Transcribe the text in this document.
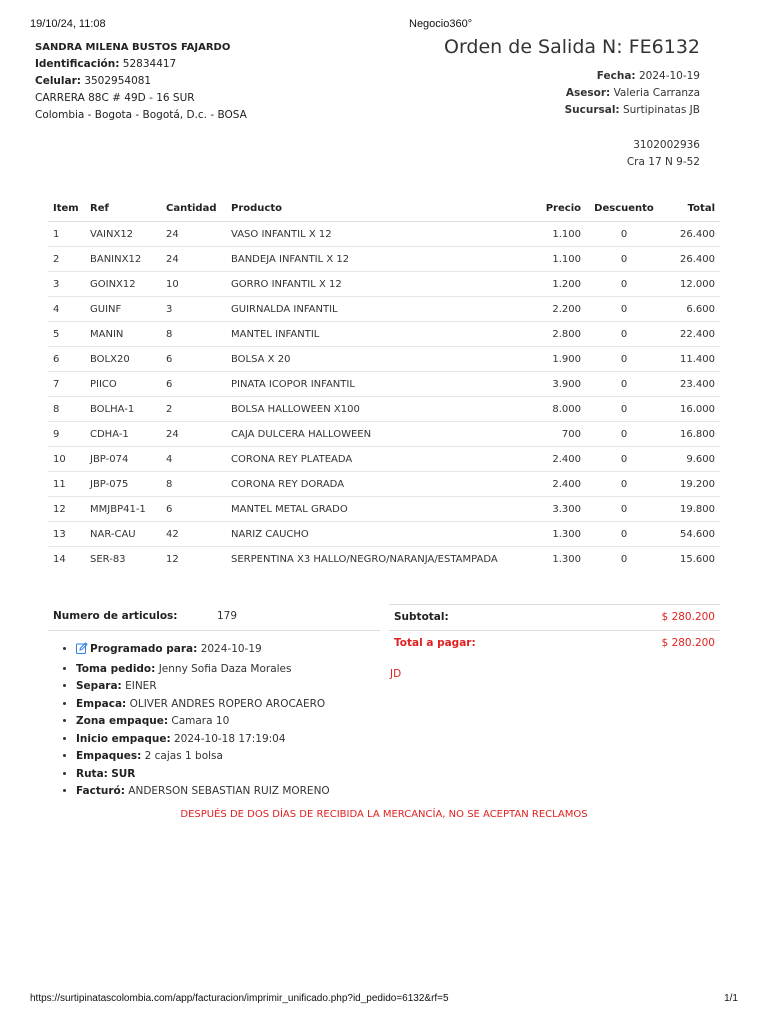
19/10/24, 11:08	Negocio360°
SANDRA MILENA BUSTOS FAJARDO
Identificación: 52834417
Celular: 3502954081
CARRERA 88C # 49D - 16 SUR
Colombia - Bogota - Bogotá, D.c. - BOSA
Orden de Salida N: FE6132
Fecha: 2024-10-19
Asesor: Valeria Carranza
Sucursal: Surtipinatas JB
3102002936
Cra 17 N 9-52
Item	Ref	Cantidad	Producto	Precio	Descuento	Total
1	VAINX12	24	VASO INFANTIL X 12	1.100	0	26.400
2	BANINX12	24	BANDEJA INFANTIL X 12	1.100	0	26.400
3	GOINX12	10	GORRO INFANTIL X 12	1.200	0	12.000
4	GUINF	3	GUIRNALDA INFANTIL	2.200	0	6.600
5	MANIN	8	MANTEL INFANTIL	2.800	0	22.400
6	BOLX20	6	BOLSA X 20	1.900	0	11.400
7	PIICO	6	PINATA ICOPOR INFANTIL	3.900	0	23.400
8	BOLHA-1	2	BOLSA HALLOWEEN X100	8.000	0	16.000
9	CDHA-1	24	CAJA DULCERA HALLOWEEN	700	0	16.800
10	JBP-074	4	CORONA REY PLATEADA	2.400	0	9.600
11	JBP-075	8	CORONA REY DORADA	2.400	0	19.200
12	MMJBP41-1	6	MANTEL METAL GRADO	3.300	0	19.800
13	NAR-CAU	42	NARIZ CAUCHO	1.300	0	54.600
14	SER-83	12	SERPENTINA X3 HALLO/NEGRO/NARANJA/ESTAMPADA	1.300	0	15.600
Numero de articulos:	179	Subtotal:	$ 280.200
Total a pagar:	$ 280.200
JD
• Programado para: 2024-10-19
• Toma pedido: Jenny Sofia Daza Morales
• Separa: EINER
• Empaca: OLIVER ANDRES ROPERO AROCAERO
• Zona empaque: Camara 10
• Inicio empaque: 2024-10-18 17:19:04
• Empaques: 2 cajas 1 bolsa
• Ruta: SUR
• Facturó: ANDERSON SEBASTIAN RUIZ MORENO
DESPUÉS DE DOS DÍAS DE RECIBIDA LA MERCANCÍA, NO SE ACEPTAN RECLAMOS
https://surtipinatascolombia.com/app/facturacion/imprimir_unificado.php?id_pedido=6132&rf=5	1/1
